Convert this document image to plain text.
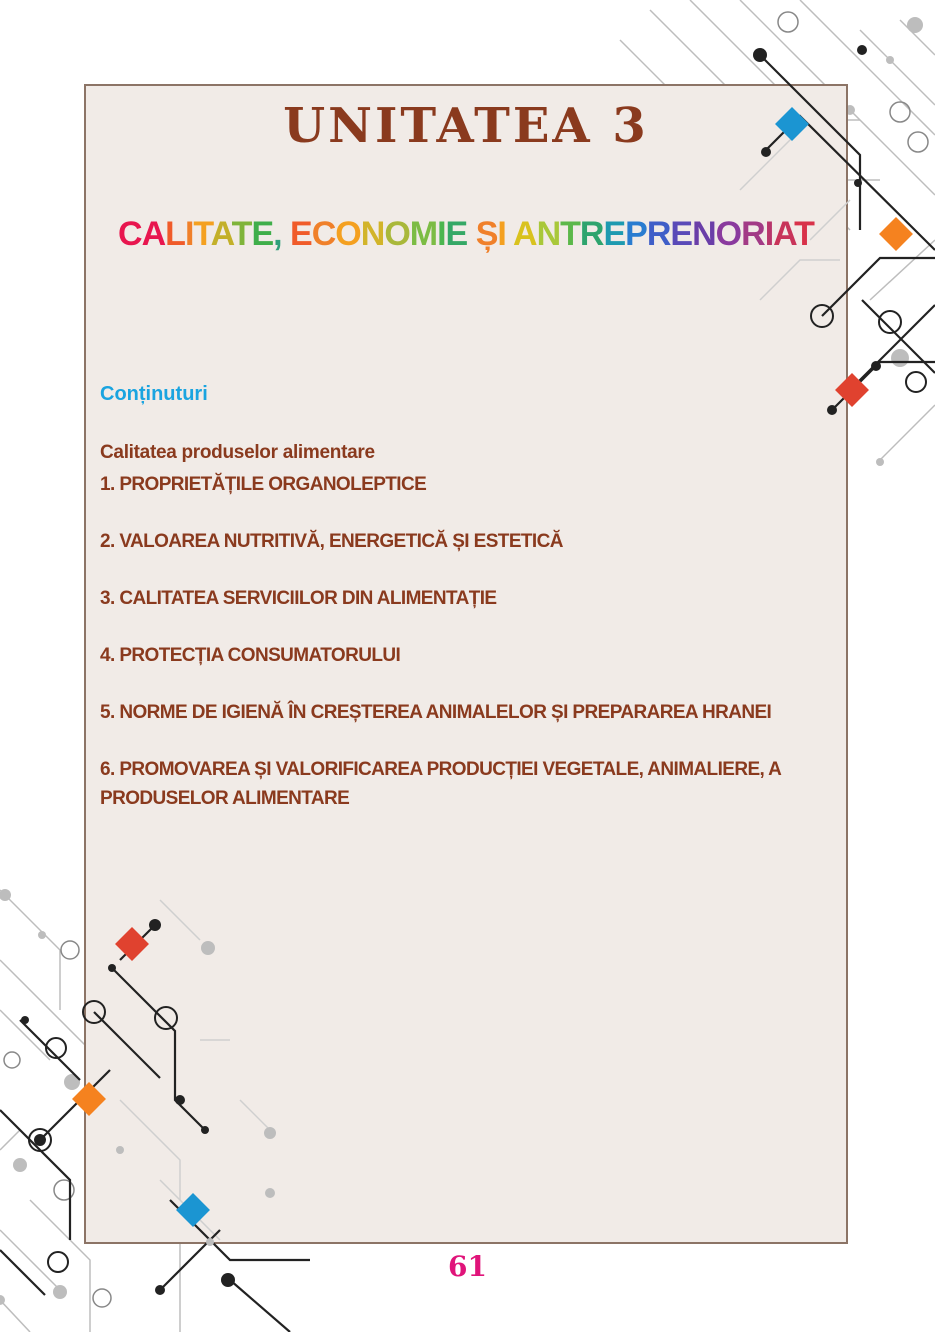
UNITATEA 3
CALITATE, ECONOMIE ȘI ANTREPRENORIAT
Conținuturi

Calitatea produselor alimentare

1. PROPRIETĂȚILE ORGANOLEPTICE
2. VALOAREA NUTRITIVĂ, ENERGETICĂ ȘI ESTETICĂ
3. CALITATEA SERVICIILOR DIN ALIMENTAȚIE
4. PROTECȚIA CONSUMATORULUI
5. NORME DE IGIENĂ ÎN CREȘTEREA ANIMALELOR ȘI PREPARAREA HRANEI
6. PROMOVAREA ȘI VALORIFICAREA PRODUCȚIEI VEGETALE, ANIMALIERE, A PRODUSELOR ALIMENTARE
61
